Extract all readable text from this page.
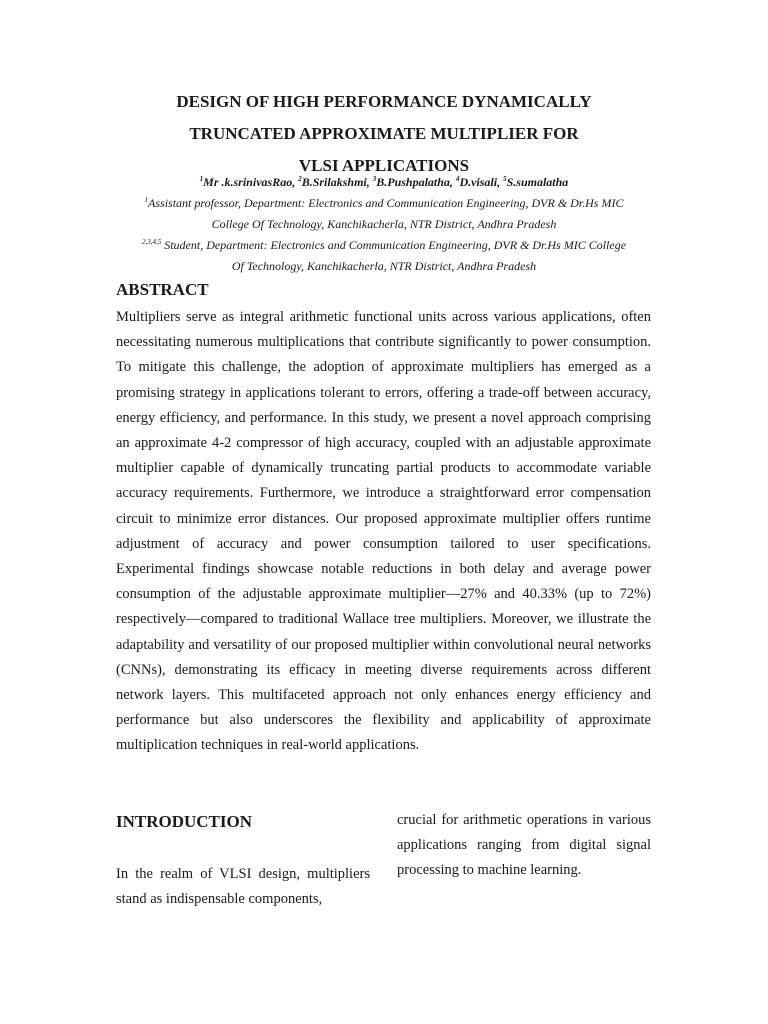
DESIGN OF HIGH PERFORMANCE DYNAMICALLY
TRUNCATED APPROXIMATE MULTIPLIER FOR
VLSI APPLICATIONS
$^1$Mr .k.srinivasRao, $^2$B.Srilakshmi, $^3$B.Pushpalatha, $^4$D.visali, $^5$S.sumalatha
$^1$Assistant professor, Department: Electronics and Communication Engineering, DVR & Dr.Hs MIC
College Of Technology, Kanchikacherla, NTR District, Andhra Pradesh
$^{2,3,4,5}$ Student, Department: Electronics and Communication Engineering, DVR & Dr.Hs MIC College
Of Technology, Kanchikacherla, NTR District, Andhra Pradesh
ABSTRACT

Multipliers serve as integral arithmetic functional units across various applications, often necessitating numerous multiplications that contribute significantly to power consumption. To mitigate this challenge, the adoption of approximate multipliers has emerged as a promising strategy in applications tolerant to errors, offering a trade-off between accuracy, energy efficiency, and performance. In this study, we present a novel approach comprising an approximate 4-2 compressor of high accuracy, coupled with an adjustable approximate multiplier capable of dynamically truncating partial products to accommodate variable accuracy requirements. Furthermore, we introduce a straightforward error compensation circuit to minimize error distances. Our proposed approximate multiplier offers runtime adjustment of accuracy and power consumption tailored to user specifications. Experimental findings showcase notable reductions in both delay and average power consumption of the adjustable approximate multiplier—27% and 40.33% (up to 72%) respectively—compared to traditional Wallace tree multipliers. Moreover, we illustrate the adaptability and versatility of our proposed multiplier within convolutional neural networks (CNNs), demonstrating its efficacy in meeting diverse requirements across different network layers. This multifaceted approach not only enhances energy efficiency and performance but also underscores the flexibility and applicability of approximate multiplication techniques in real-world applications.

INTRODUCTION

In the realm of VLSI design, multipliers stand as indispensable components,

crucial for arithmetic operations in various applications ranging from digital signal processing to machine learning.
